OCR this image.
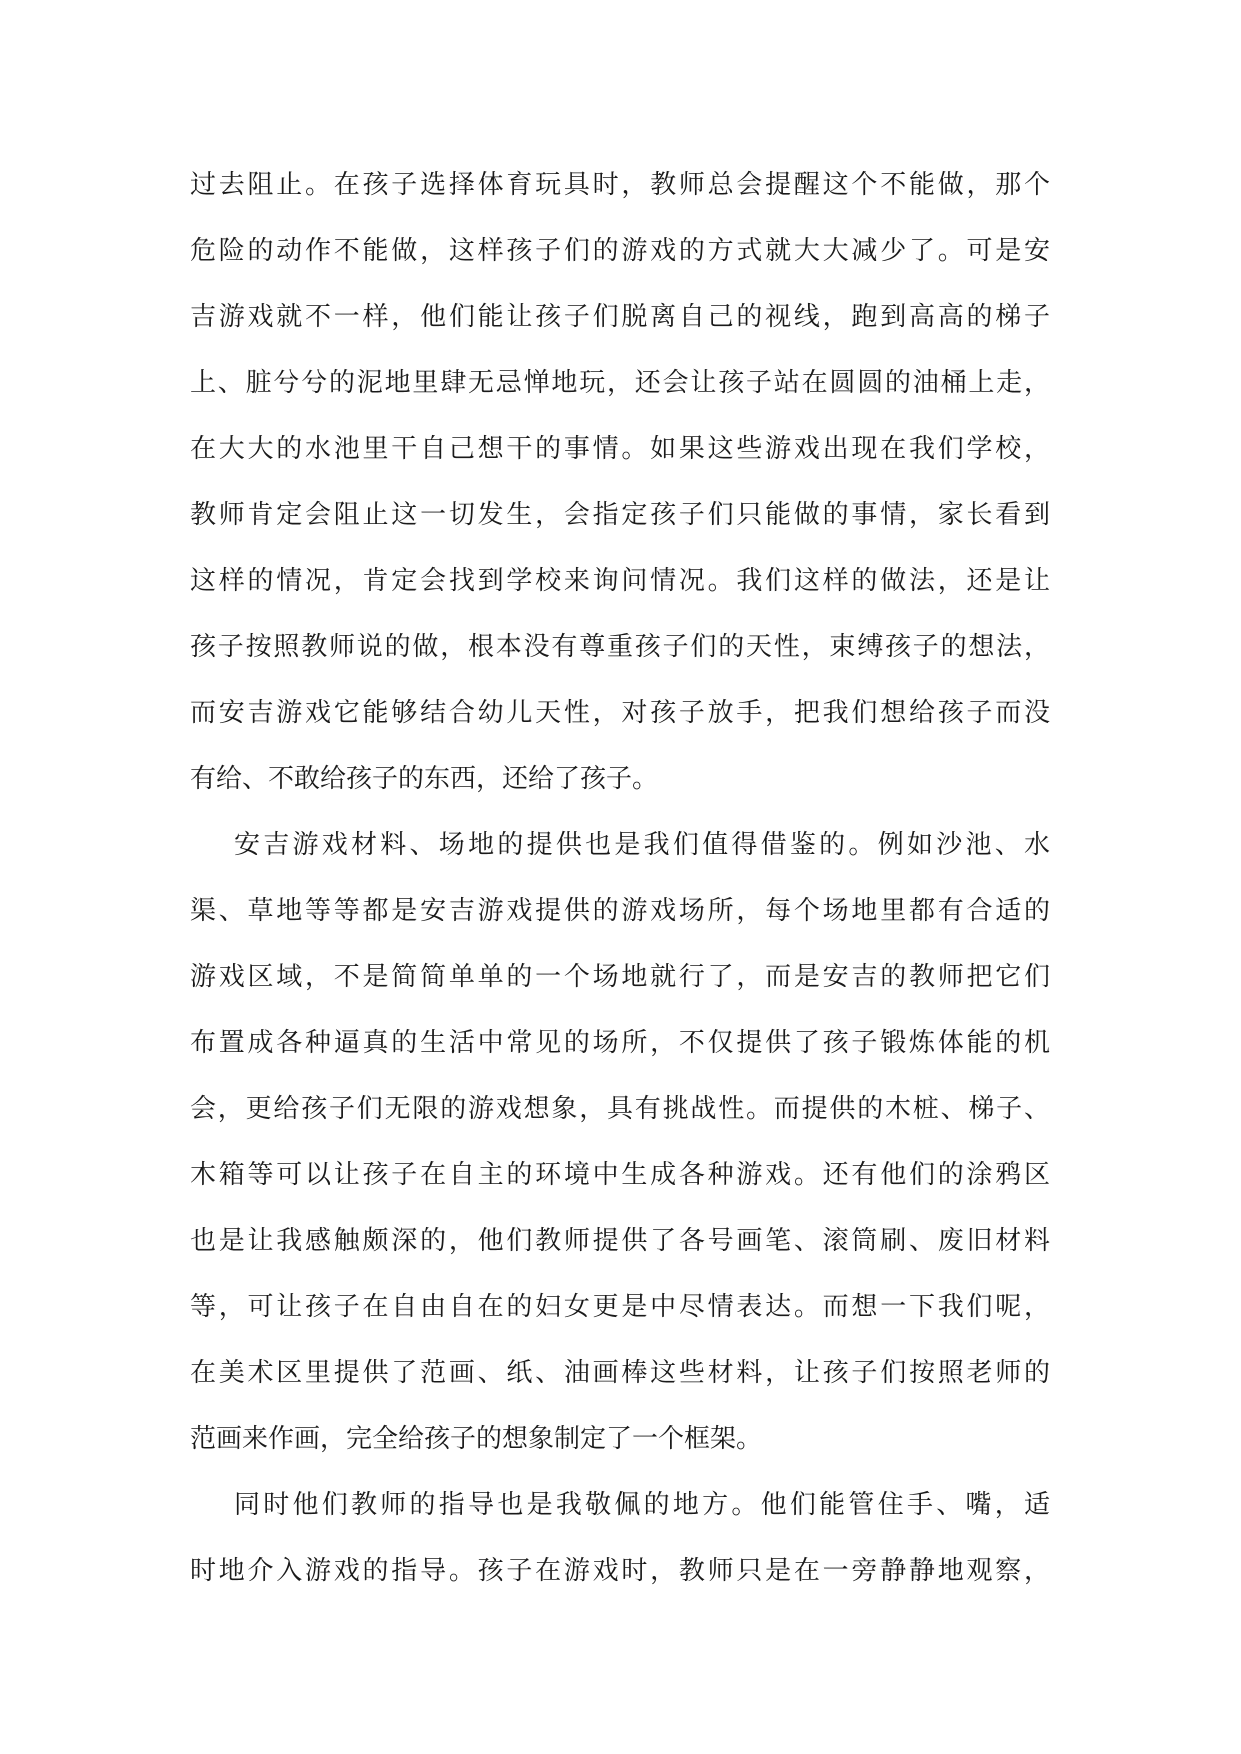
过去阻止。在孩子选择体育玩具时，教师总会提醒这个不能做，那个
危险的动作不能做，这样孩子们的游戏的方式就大大减少了。可是安
吉游戏就不一样，他们能让孩子们脱离自己的视线，跑到高高的梯子
上、脏兮兮的泥地里肆无忌惮地玩，还会让孩子站在圆圆的油桶上走，
在大大的水池里干自己想干的事情。如果这些游戏出现在我们学校，
教师肯定会阻止这一切发生，会指定孩子们只能做的事情，家长看到
这样的情况，肯定会找到学校来询问情况。我们这样的做法，还是让
孩子按照教师说的做，根本没有尊重孩子们的天性，束缚孩子的想法，
而安吉游戏它能够结合幼儿天性，对孩子放手，把我们想给孩子而没
有给、不敢给孩子的东西，还给了孩子。
安吉游戏材料、场地的提供也是我们值得借鉴的。例如沙池、水
渠、草地等等都是安吉游戏提供的游戏场所，每个场地里都有合适的
游戏区域，不是简简单单的一个场地就行了，而是安吉的教师把它们
布置成各种逼真的生活中常见的场所，不仅提供了孩子锻炼体能的机
会，更给孩子们无限的游戏想象，具有挑战性。而提供的木桩、梯子、
木箱等可以让孩子在自主的环境中生成各种游戏。还有他们的涂鸦区
也是让我感触颇深的，他们教师提供了各号画笔、滚筒刷、废旧材料
等，可让孩子在自由自在的妇女更是中尽情表达。而想一下我们呢，
在美术区里提供了范画、纸、油画棒这些材料，让孩子们按照老师的
范画来作画，完全给孩子的想象制定了一个框架。
同时他们教师的指导也是我敬佩的地方。他们能管住手、嘴，适
时地介入游戏的指导。孩子在游戏时，教师只是在一旁静静地观察，
